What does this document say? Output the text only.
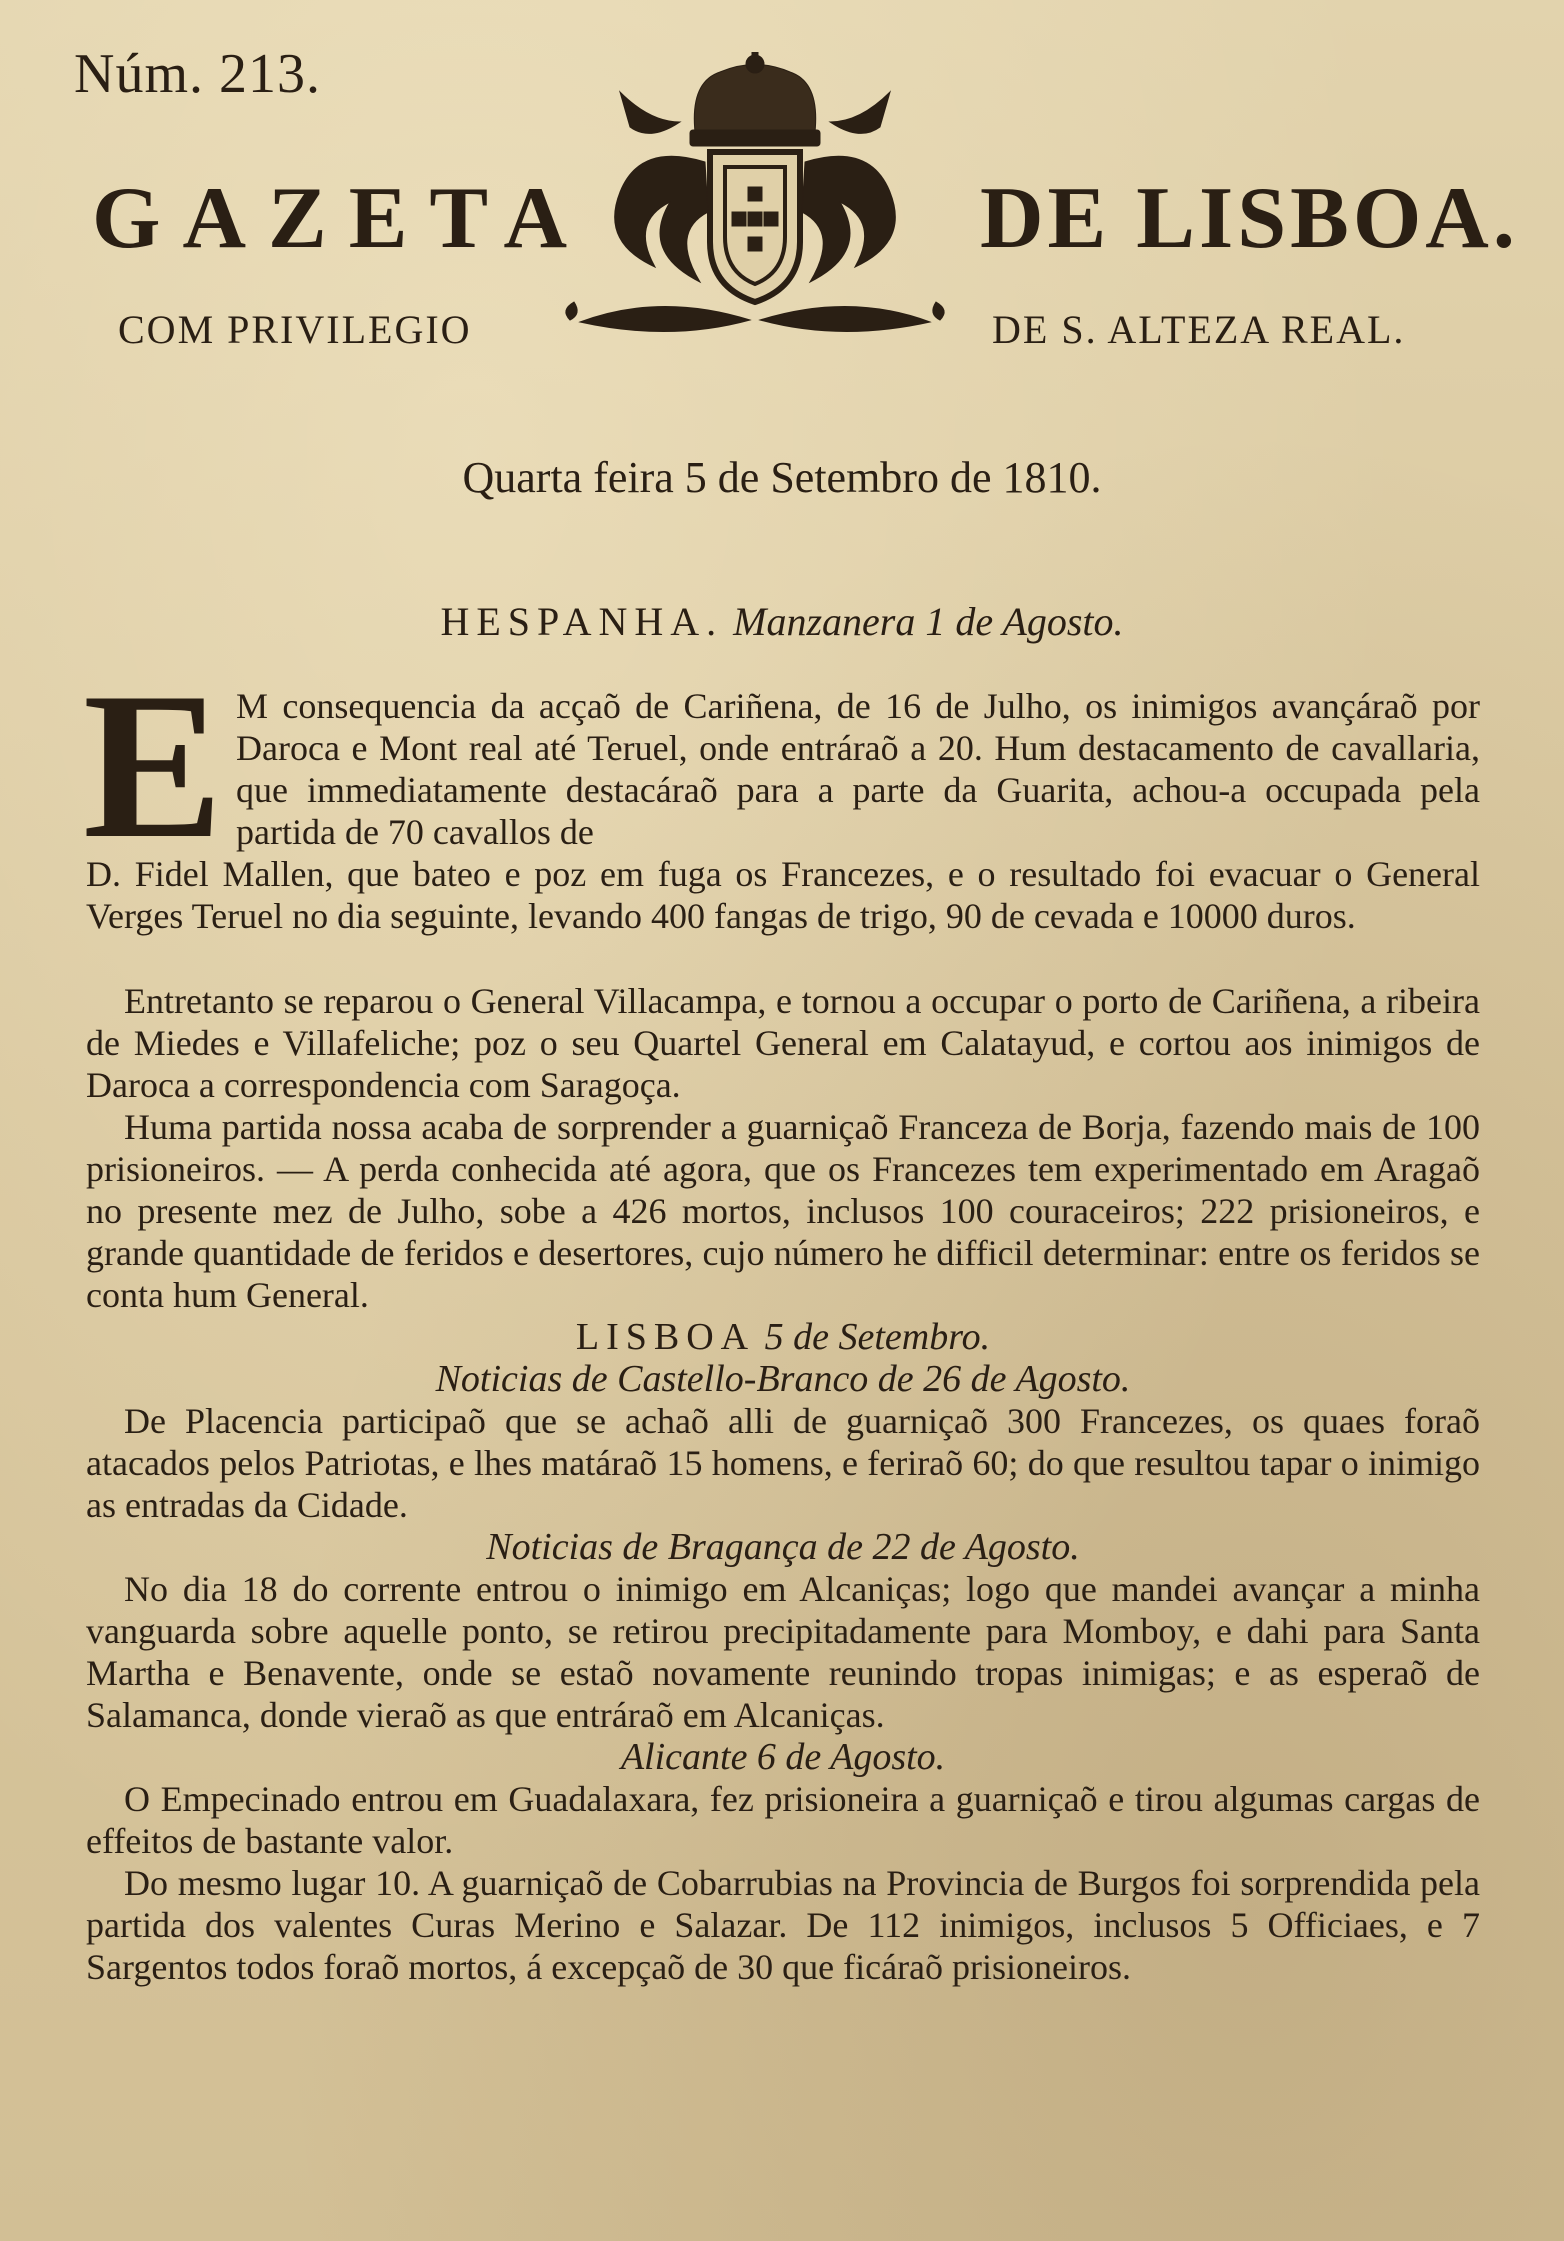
Núm. 213.
GAZETA	DE LISBOA.
COM PRIVILEGIO	DE S. ALTEZA REAL.
Quarta feira 5 de Setembro de 1810.
HESPANHA. Manzanera 1 de Agosto.
E M consequencia da acçaõ de Cariñena, de 16 de Julho, os inimigos avançáraõ por Daroca e Mont real até Teruel, onde entráraõ a 20. Hum destacamento de cavallaria, que immediatamente destacáraõ para a parte da Guarita, achou-a occupada pela partida de 70 cavallos de
D. Fidel Mallen, que bateo e poz em fuga os Francezes, e o resultado foi evacuar o General Verges Teruel no dia seguinte, levando 400 fangas de trigo, 90 de cevada e 10000 duros.

Entretanto se reparou o General Villacampa, e tornou a occupar o porto de Cariñena, a ribeira de Miedes e Villafeliche; poz o seu Quartel General em Calatayud, e cortou aos inimigos de Daroca a correspondencia com Saragoça.

Huma partida nossa acaba de sorprender a guarniçaõ Franceza de Borja, fazendo mais de 100 prisioneiros. — A perda conhecida até agora, que os Francezes tem experimentado em Aragaõ no presente mez de Julho, sobe a 426 mortos, inclusos 100 couraceiros; 222 prisioneiros, e grande quantidade de feridos e desertores, cujo número he difficil determinar: entre os feridos se conta hum General.

LISBOA 5 de Setembro.

Noticias de Castello-Branco de 26 de Agosto.

De Placencia participaõ que se achaõ alli de guarniçaõ 300 Francezes, os quaes foraõ atacados pelos Patriotas, e lhes matáraõ 15 homens, e feriraõ 60; do que resultou tapar o inimigo as entradas da Cidade.

Noticias de Bragança de 22 de Agosto.

No dia 18 do corrente entrou o inimigo em Alcaniças; logo que mandei avançar a minha vanguarda sobre aquelle ponto, se retirou precipitadamente para Momboy, e dahi para Santa Martha e Benavente, onde se estaõ novamente reunindo tropas inimigas; e as esperaõ de Salamanca, donde vieraõ as que entráraõ em Alcaniças.

Alicante 6 de Agosto.

O Empecinado entrou em Guadalaxara, fez prisioneira a guarniçaõ e tirou algumas cargas de effeitos de bastante valor.

Do mesmo lugar 10. A guarniçaõ de Cobarrubias na Provincia de Burgos foi sorprendida pela partida dos valentes Curas Merino e Salazar. De 112 inimigos, inclusos 5 Officiaes, e 7 Sargentos todos foraõ mortos, á excepçaõ de 30 que ficáraõ prisioneiros.
